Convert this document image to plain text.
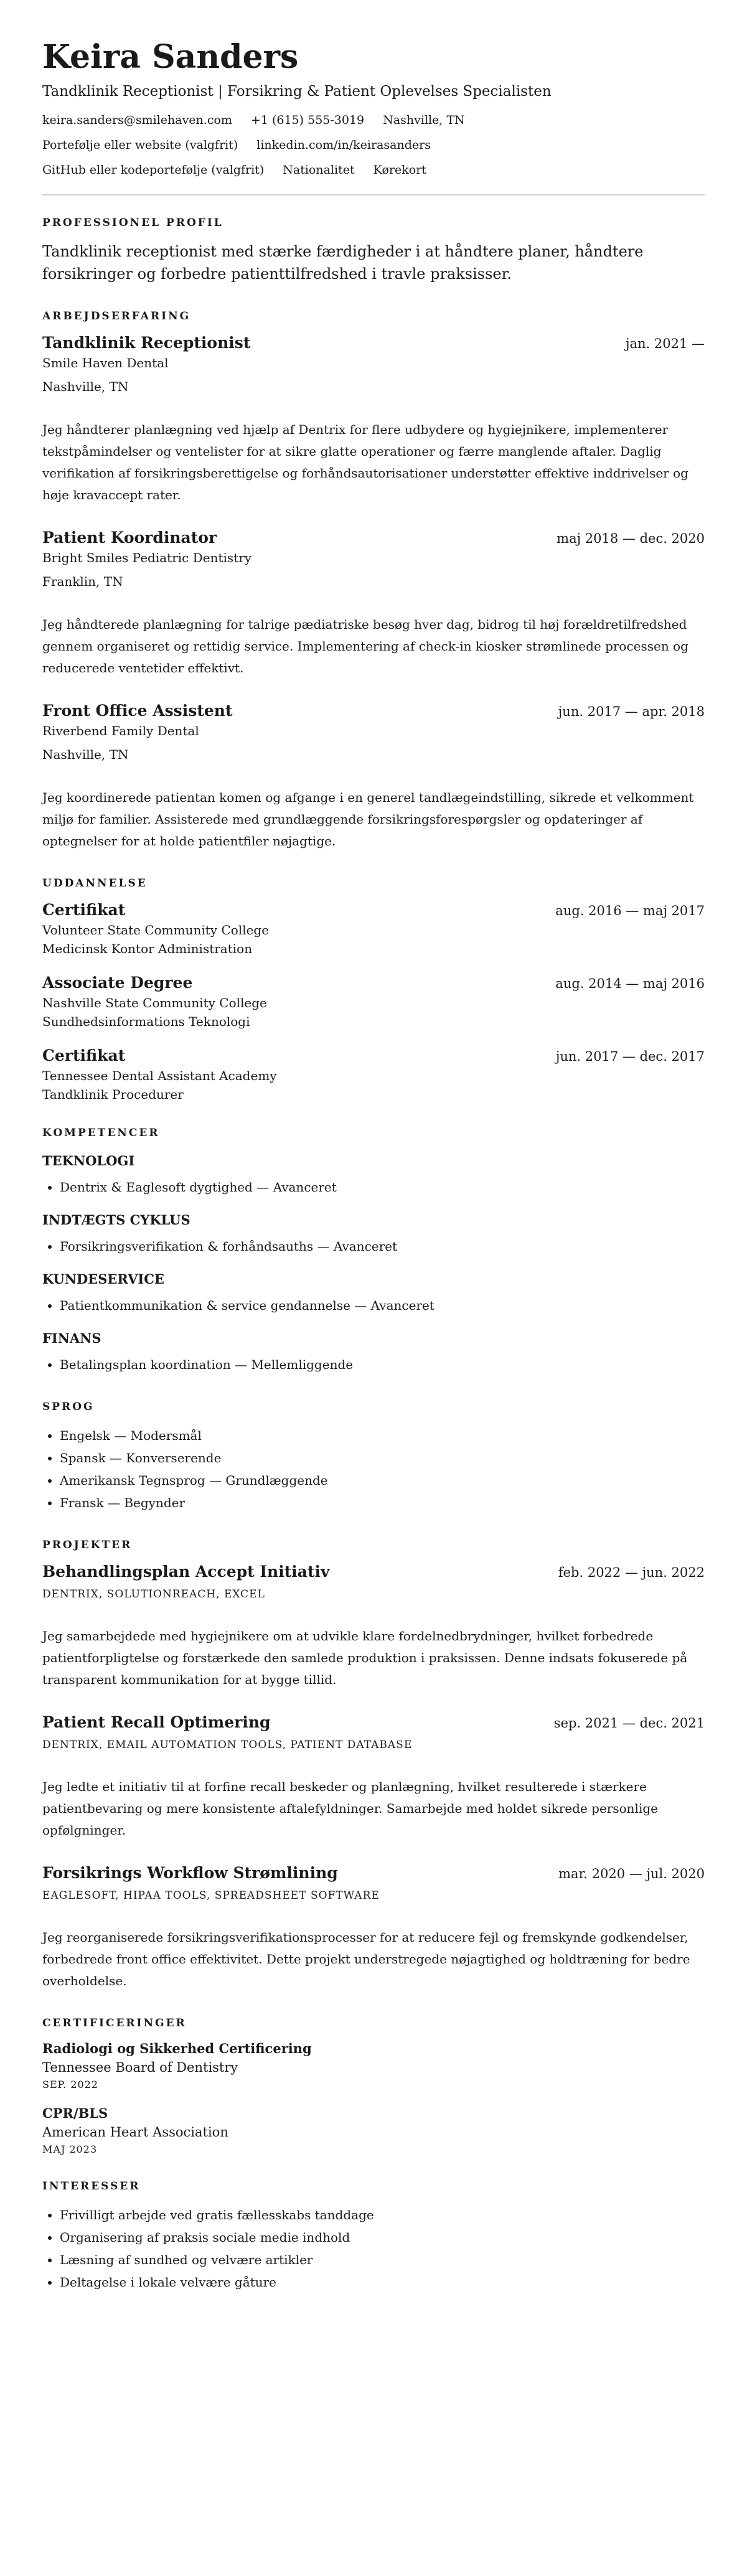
Keira Sanders
Tandklinik Receptionist | Forsikring & Patient Oplevelses Specialisten
keira.sanders@smilehaven.com +1 (615) 555-3019 Nashville, TN
Portefølje eller website (valgfrit) linkedin.com/in/keirasanders
GitHub eller kodeportefølje (valgfrit) Nationalitet Kørekort
PROFESSIONEL PROFIL

Tandklinik receptionist med stærke færdigheder i at håndtere planer, håndtere forsikringer og forbedre patienttilfredshed i travle praksisser.

ARBEJDSERFARING
Tandklinik Receptionist	jan. 2021 —
Smile Haven Dental
Nashville, TN
Jeg håndterer planlægning ved hjælp af Dentrix for flere udbydere og hygiejnikere, implementerer tekstpåmindelser og ventelister for at sikre glatte operationer og færre manglende aftaler. Daglig verifikation af forsikringsberettigelse og forhåndsautorisationer understøtter effektive inddrivelser og høje kravaccept rater.
Patient Koordinator	maj 2018 — dec. 2020
Bright Smiles Pediatric Dentistry
Franklin, TN
Jeg håndterede planlægning for talrige pædiatriske besøg hver dag, bidrog til høj forældretilfredshed gennem organiseret og rettidig service. Implementering af check-in kiosker strømlinede processen og reducerede ventetider effektivt.
Front Office Assistent	jun. 2017 — apr. 2018
Riverbend Family Dental
Nashville, TN
Jeg koordinerede patientan komen og afgange i en generel tandlægeindstilling, sikrede et velkomment miljø for familier. Assisterede med grundlæggende forsikringsforespørgsler og opdateringer af optegnelser for at holde patientfiler nøjagtige.
UDDANNELSE
Certifikat	aug. 2016 — maj 2017
Volunteer State Community College
Medicinsk Kontor Administration
Associate Degree	aug. 2014 — maj 2016
Nashville State Community College
Sundhedsinformations Teknologi
Certifikat	jun. 2017 — dec. 2017
Tennessee Dental Assistant Academy
Tandklinik Procedurer
KOMPETENCER
TEKNOLOGI
• Dentrix & Eaglesoft dygtighed — Avanceret
INDTÆGTS CYKLUS
• Forsikringsverifikation & forhåndsauths — Avanceret
KUNDESERVICE
• Patientkommunikation & service gendannelse — Avanceret
FINANS
• Betalingsplan koordination — Mellemliggende
SPROG
• Engelsk — Modersmål
• Spansk — Konverserende
• Amerikansk Tegnsprog — Grundlæggende
• Fransk — Begynder
PROJEKTER
Behandlingsplan Accept Initiativ	feb. 2022 — jun. 2022
DENTRIX, SOLUTIONREACH, EXCEL
Jeg samarbejdede med hygiejnikere om at udvikle klare fordelnedbrydninger, hvilket forbedrede patientforpligtelse og forstærkede den samlede produktion i praksissen. Denne indsats fokuserede på transparent kommunikation for at bygge tillid.
Patient Recall Optimering	sep. 2021 — dec. 2021
DENTRIX, EMAIL AUTOMATION TOOLS, PATIENT DATABASE
Jeg ledte et initiativ til at forfine recall beskeder og planlægning, hvilket resulterede i stærkere patientbevaring og mere konsistente aftalefyldninger. Samarbejde med holdet sikrede personlige opfølgninger.
Forsikrings Workflow Strømlining	mar. 2020 — jul. 2020
EAGLESOFT, HIPAA TOOLS, SPREADSHEET SOFTWARE
Jeg reorganiserede forsikringsverifikationsprocesser for at reducere fejl og fremskynde godkendelser, forbedrede front office effektivitet. Dette projekt understregede nøjagtighed og holdtræning for bedre overholdelse.
CERTIFICERINGER
Radiologi og Sikkerhed Certificering
Tennessee Board of Dentistry
SEP. 2022
CPR/BLS
American Heart Association
MAJ 2023
INTERESSER
• Frivilligt arbejde ved gratis fællesskabs tanddage
• Organisering af praksis sociale medie indhold
• Læsning af sundhed og velvære artikler
• Deltagelse i lokale velvære gåture
